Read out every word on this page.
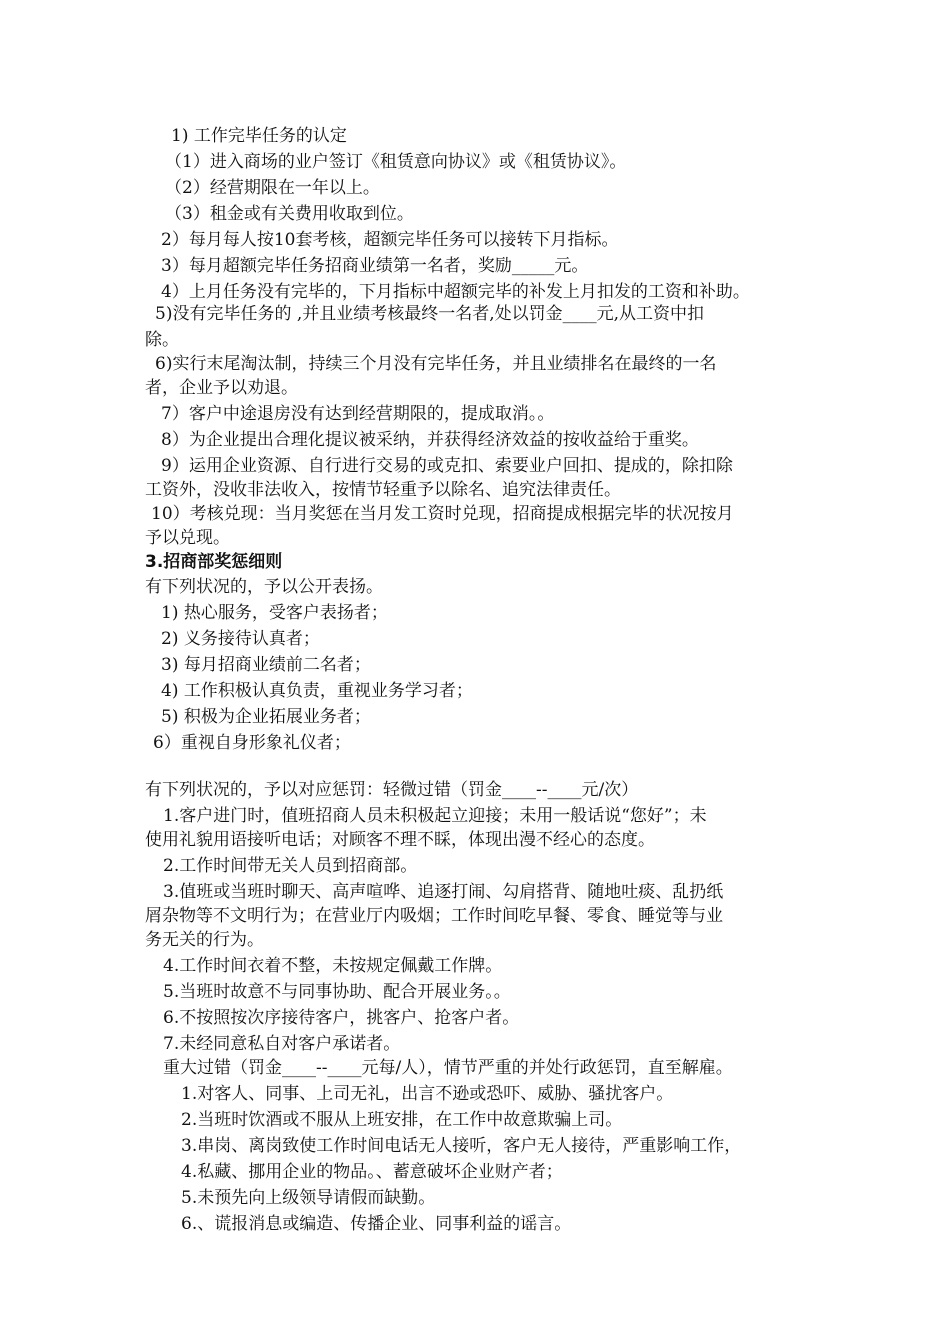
1) 工作完毕任务的认定
（1）进入商场的业户签订《租赁意向协议》或《租赁协议》。
（2）经营期限在一年以上。
（3）租金或有关费用收取到位。
2）每月每人按10套考核，超额完毕任务可以接转下月指标。
3）每月超额完毕任务招商业绩第一名者，奖励_____元。
4）上月任务没有完毕的，下月指标中超额完毕的补发上月扣发的工资和补助。
5)没有完毕任务的 ,并且业绩考核最终一名者,处以罚金____元,从工资中扣
除。
6)实行末尾淘汰制，持续三个月没有完毕任务，并且业绩排名在最终的一名
者，企业予以劝退。
7）客户中途退房没有达到经营期限的，提成取消。。
8）为企业提出合理化提议被采纳，并获得经济效益的按收益给于重奖。
9）运用企业资源、自行进行交易的或克扣、索要业户回扣、提成的，除扣除
工资外，没收非法收入，按情节轻重予以除名、追究法律责任。
10）考核兑现：当月奖惩在当月发工资时兑现，招商提成根据完毕的状况按月
予以兑现。
3.招商部奖惩细则
有下列状况的，予以公开表扬。
1) 热心服务，受客户表扬者；
2) 义务接待认真者；
3) 每月招商业绩前二名者；
4) 工作积极认真负责，重视业务学习者；
5) 积极为企业拓展业务者；
6）重视自身形象礼仪者；
有下列状况的，予以对应惩罚：轻微过错（罚金____--____元/次）
1.客户进门时，值班招商人员未积极起立迎接；未用一般话说“您好”；未
使用礼貌用语接听电话；对顾客不理不睬，体现出漫不经心的态度。
2.工作时间带无关人员到招商部。
3.值班或当班时聊天、高声喧哗、追逐打闹、勾肩搭背、随地吐痰、乱扔纸
屑杂物等不文明行为；在营业厅内吸烟；工作时间吃早餐、零食、睡觉等与业
务无关的行为。
4.工作时间衣着不整，未按规定佩戴工作牌。
5.当班时故意不与同事协助、配合开展业务。。
6.不按照按次序接待客户，挑客户、抢客户者。
7.未经同意私自对客户承诺者。
重大过错（罚金____--____元每/人），情节严重的并处行政惩罚，直至解雇。
1.对客人、同事、上司无礼，出言不逊或恐吓、威胁、骚扰客户。
2.当班时饮酒或不服从上班安排，在工作中故意欺骗上司。
3.串岗、离岗致使工作时间电话无人接听，客户无人接待，严重影响工作，
4.私藏、挪用企业的物品。、蓄意破坏企业财产者；
5.未预先向上级领导请假而缺勤。
6.、谎报消息或编造、传播企业、同事利益的谣言。
